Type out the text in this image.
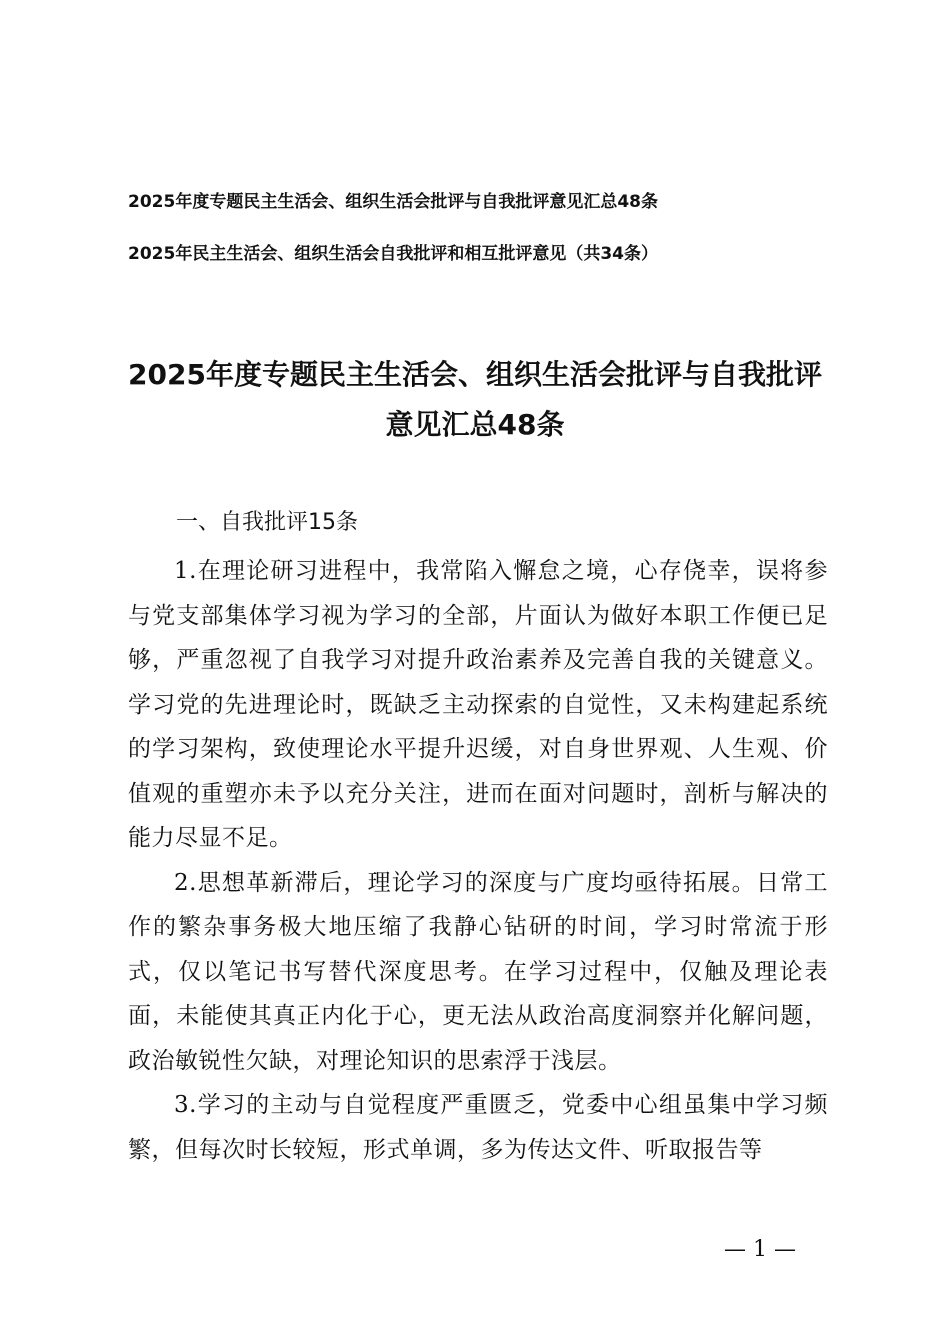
2025年度专题民主生活会、组织生活会批评与自我批评意见汇总48条
2025年民主生活会、组织生活会自我批评和相互批评意见（共34条）
2025年度专题民主生活会、组织生活会批评与自我批评
意见汇总48条
一、自我批评15条

1.在理论研习进程中，我常陷入懈怠之境，心存侥幸，误将参与党支部集体学习视为学习的全部，片面认为做好本职工作便已足够，严重忽视了自我学习对提升政治素养及完善自我的关键意义。学习党的先进理论时，既缺乏主动探索的自觉性，又未构建起系统的学习架构，致使理论水平提升迟缓，对自身世界观、人生观、价值观的重塑亦未予以充分关注，进而在面对问题时，剖析与解决的能力尽显不足。

2.思想革新滞后，理论学习的深度与广度均亟待拓展。日常工作的繁杂事务极大地压缩了我静心钻研的时间，学习时常流于形式，仅以笔记书写替代深度思考。在学习过程中，仅触及理论表面，未能使其真正内化于心，更无法从政治高度洞察并化解问题，政治敏锐性欠缺，对理论知识的思索浮于浅层。

3.学习的主动与自觉程度严重匮乏，党委中心组虽集中学习频繁，但每次时长较短，形式单调，多为传达文件、听取报告等

— 1 —
